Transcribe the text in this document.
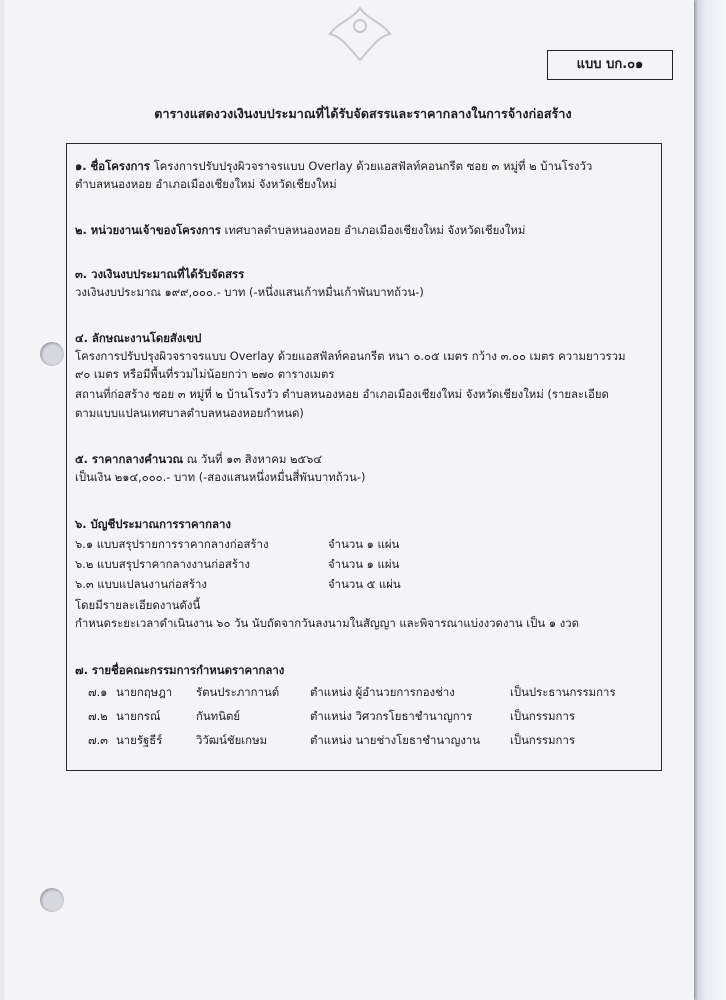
แบบ บก.๐๑
ตารางแสดงวงเงินงบประมาณที่ได้รับจัดสรรและราคากลางในการจ้างก่อสร้าง
๑. ชื่อโครงการ โครงการปรับปรุงผิวจราจรแบบ Overlay ด้วยแอสฟัลท์คอนกรีต ซอย ๓ หมู่ที่ ๒ บ้านโรงวัว
ตำบลหนองหอย อำเภอเมืองเชียงใหม่ จังหวัดเชียงใหม่
๒. หน่วยงานเจ้าของโครงการ เทศบาลตำบลหนองหอย อำเภอเมืองเชียงใหม่ จังหวัดเชียงใหม่
๓. วงเงินงบประมาณที่ได้รับจัดสรร
วงเงินงบประมาณ ๑๙๙,๐๐๐.- บาท (-หนึ่งแสนเก้าหมื่นเก้าพันบาทถ้วน-)
๔. ลักษณะงานโดยสังเขป
โครงการปรับปรุงผิวจราจรแบบ Overlay ด้วยแอสฟัลท์คอนกรีต หนา ๐.๐๕ เมตร กว้าง ๓.๐๐ เมตร ความยาวรวม
๙๐ เมตร หรือมีพื้นที่รวมไม่น้อยกว่า ๒๗๐ ตารางเมตร
สถานที่ก่อสร้าง ซอย ๓ หมู่ที่ ๒ บ้านโรงวัว ตำบลหนองหอย อำเภอเมืองเชียงใหม่ จังหวัดเชียงใหม่ (รายละเอียด
ตามแบบแปลนเทศบาลตำบลหนองหอยกำหนด)
๕. ราคากลางคำนวณ ณ วันที่ ๑๓ สิงหาคม ๒๕๖๔
เป็นเงิน ๒๑๔,๐๐๐.- บาท (-สองแสนหนึ่งหมื่นสี่พันบาทถ้วน-)
๖. บัญชีประมาณการราคากลาง
๖.๑ แบบสรุปรายการราคากลางก่อสร้าง	จำนวน ๑ แผ่น
๖.๒ แบบสรุปราคากลางงานก่อสร้าง	จำนวน ๑ แผ่น
๖.๓ แบบแปลนงานก่อสร้าง	จำนวน ๕ แผ่น
โดยมีรายละเอียดงานดังนี้
กำหนดระยะเวลาดำเนินงาน ๖๐ วัน นับถัดจากวันลงนามในสัญญา และพิจารณาแบ่งงวดงาน เป็น ๑ งวด
๗. รายชื่อคณะกรรมการกำหนดราคากลาง
๗.๑ นายกฤษฎา รัตนประภากานต์	ตำแหน่ง ผู้อำนวยการกองช่าง	เป็นประธานกรรมการ
๗.๒ นายกรณ์	กันทนิตย์	ตำแหน่ง วิศวกรโยธาชำนาญการ	เป็นกรรมการ
๗.๓ นายรัฐธีร์	วิวัฒน์ชัยเกษม	ตำแหน่ง นายช่างโยธาชำนาญงาน	เป็นกรรมการ
